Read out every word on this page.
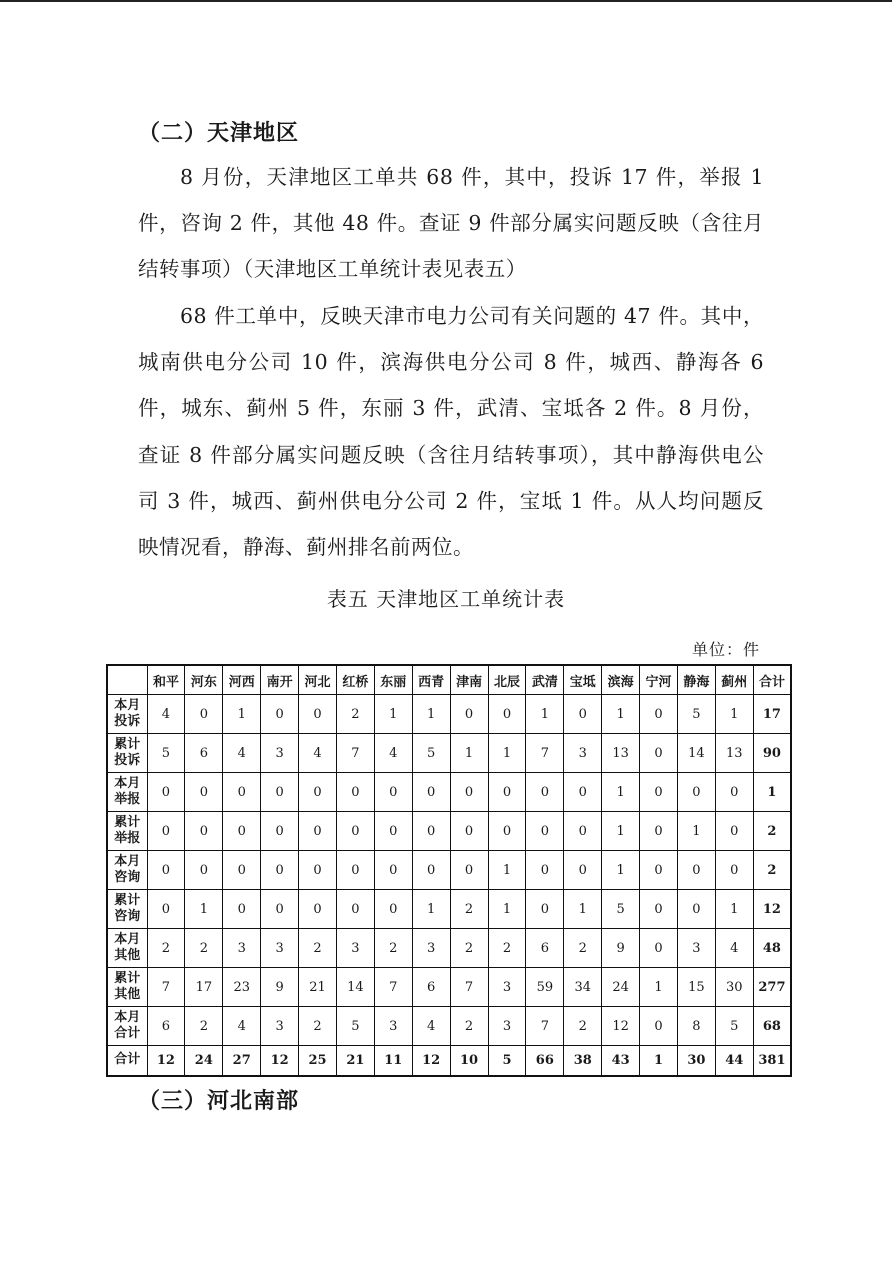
（二）天津地区
8 月份，天津地区工单共 68 件，其中，投诉 17 件，举报 1 件，咨询 2 件，其他 48 件。查证 9 件部分属实问题反映（含往月结转事项）（天津地区工单统计表见表五）
68 件工单中，反映天津市电力公司有关问题的 47 件。其中，城南供电分公司 10 件，滨海供电分公司 8 件，城西、静海各 6 件，城东、蓟州 5 件，东丽 3 件，武清、宝坻各 2 件。8 月份，查证 8 件部分属实问题反映（含往月结转事项），其中静海供电公司 3 件，城西、蓟州供电分公司 2 件，宝坻 1 件。从人均问题反映情况看，静海、蓟州排名前两位。
表五 天津地区工单统计表
单位：件
	和平	河东	河西	南开	河北	红桥	东丽	西青	津南	北辰	武清	宝坻	滨海	宁河	静海	蓟州	合计

本月
投诉	4	0	1	0	0	2	1	1	0	0	1	0	1	0	5	1	17

累计
投诉	5	6	4	3	4	7	4	5	1	1	7	3	13	0	14	13	90

本月
举报	0	0	0	0	0	0	0	0	0	0	0	0	1	0	0	0	1

累计
举报	0	0	0	0	0	0	0	0	0	0	0	0	1	0	1	0	2

本月
咨询	0	0	0	0	0	0	0	0	0	1	0	0	1	0	0	0	2

累计
咨询	0	1	0	0	0	0	0	1	2	1	0	1	5	0	0	1	12

本月
其他	2	2	3	3	2	3	2	3	2	2	6	2	9	0	3	4	48

累计
其他	7	17	23	9	21	14	7	6	7	3	59	34	24	1	15	30	277

本月
合计	6	2	4	3	2	5	3	4	2	3	7	2	12	0	8	5	68
合计	12	24	27	12	25	21	11	12	10	5	66	38	43	1	30	44	381
（三）河北南部
